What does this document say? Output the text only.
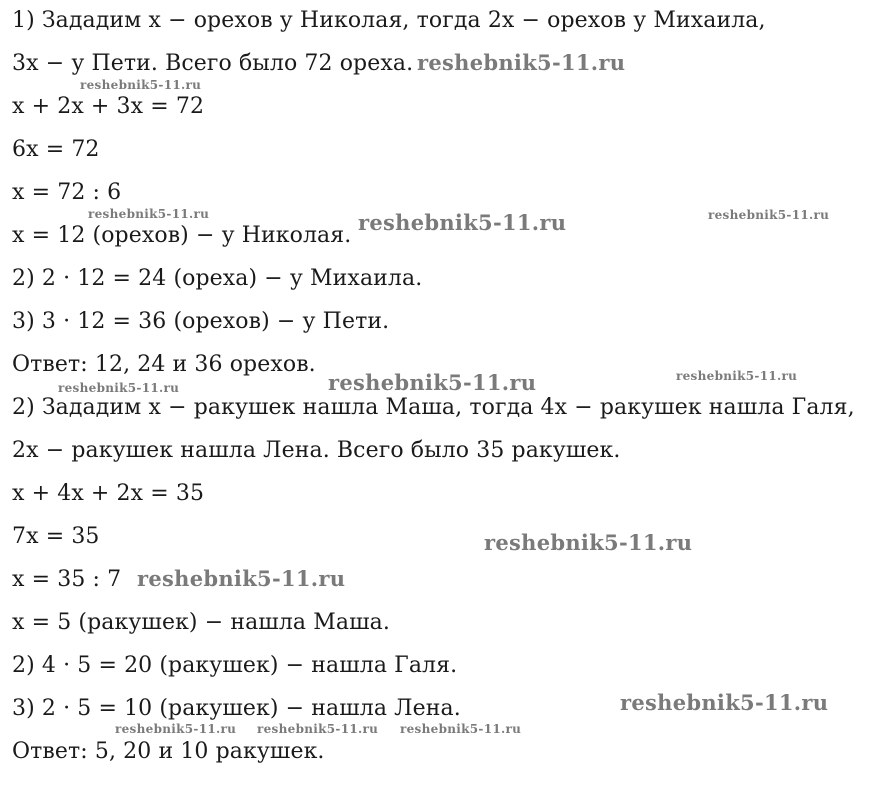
1) Зададим x − орехов у Николая, тогда 2x − орехов у Михаила,
3x − у Пети. Всего было 72 ореха.
x + 2x + 3x = 72
6x = 72
x = 72 : 6
x = 12 (орехов) − у Николая.
2) 2 · 12 = 24 (ореха) − у Михаила.
3) 3 · 12 = 36 (орехов) − у Пети.
Ответ: 12, 24 и 36 орехов.
2) Зададим x − ракушек нашла Маша, тогда 4x − ракушек нашла Галя,
2x − ракушек нашла Лена. Всего было 35 ракушек.
x + 4x + 2x = 35
7x = 35
x = 35 : 7
x = 5 (ракушек) − нашла Маша.
2) 4 · 5 = 20 (ракушек) − нашла Галя.
3) 2 · 5 = 10 (ракушек) − нашла Лена.
Ответ: 5, 20 и 10 ракушек.
reshebnik5-11.ru
reshebnik5-11.ru
reshebnik5-11.ru	reshebnik5-11.ru	reshebnik5-11.ru
reshebnik5-11.ru	reshebnik5-11.ru	reshebnik5-11.ru
reshebnik5-11.ru
reshebnik5-11.ru
reshebnik5-11.ru
reshebnik5-11.ru reshebnik5-11.ru reshebnik5-11.ru
